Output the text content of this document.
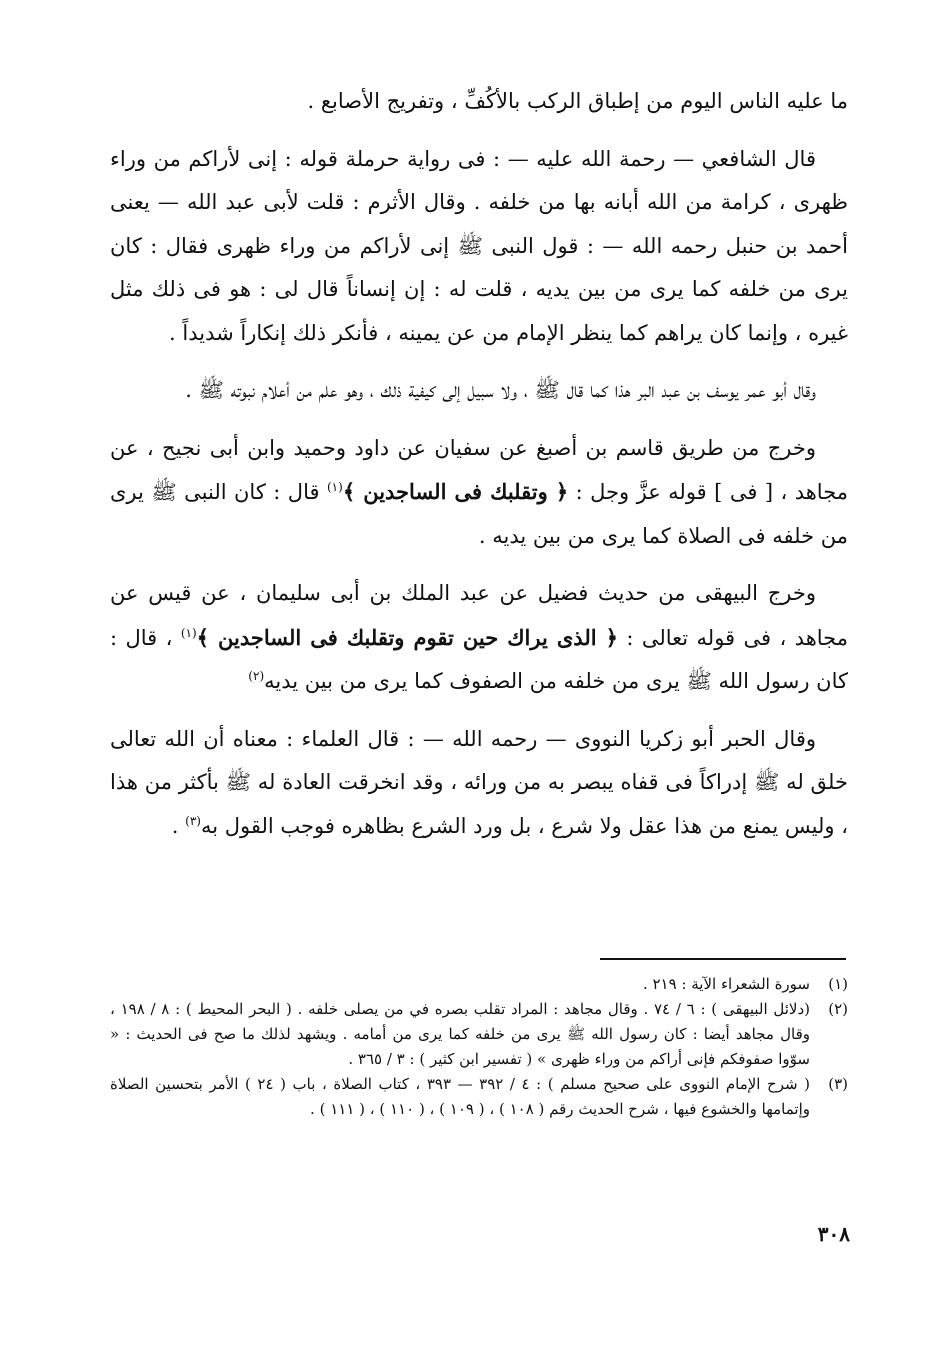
ما عليه الناس اليوم من إطباق الركب بالأكُفِّ ، وتفريج الأصابع .

قال الشافعي — رحمة الله عليه — : فى رواية حرملة قوله : إنى لأراكم من وراء ظهرى ، كرامة من الله أبانه بها من خلفه . وقال الأثرم : قلت لأبى عبد الله — يعنى أحمد بن حنبل رحمه الله — : قول النبى ﷺ إنى لأراكم من وراء ظهرى فقال : كان يرى من خلفه كما يرى من بين يديه ، قلت له : إن إنساناً قال لى : هو فى ذلك مثل غيره ، وإنما كان يراهم كما ينظر الإمام من عن يمينه ، فأنكر ذلك إنكاراً شديداً .

وقال أبو عمر يوسف بن عبد البر هذا كما قال ﷺ ، ولا سبيل إلى كيفية ذلك ، وهو علم من أعلام نبوته ﷺ .

وخرج من طريق قاسم بن أصبغ عن سفيان عن داود وحميد وابن أبى نجيح ، عن مجاهد ، [ فى ] قوله عزَّ وجل : ﴿ وتقلبك فى الساجدين ﴾$^{(١)}$ قال : كان النبى ﷺ يرى من خلفه فى الصلاة كما يرى من بين يديه .

وخرج البيهقى من حديث فضيل عن عبد الملك بن أبى سليمان ، عن قيس عن مجاهد ، فى قوله تعالى : ﴿ الذى يراك حين تقوم وتقلبك فى الساجدين ﴾$^{(١)}$ ، قال : كان رسول الله ﷺ يرى من خلفه من الصفوف كما يرى من بين يديه$^{(٢)}$

وقال الحبر أبو زكريا النووى — رحمه الله — : قال العلماء : معناه أن الله تعالى خلق له ﷺ إدراكاً فى قفاه يبصر به من ورائه ، وقد انخرقت العادة له ﷺ بأكثر من هذا ، وليس يمنع من هذا عقل ولا شرع ، بل ورد الشرع بظاهره فوجب القول به$^{(٣)}$ .

(١)
سورة الشعراء الآية : ٢١٩ .
(٢)
(دلائل البيهقى ) : ٦ / ٧٤ . وقال مجاهد : المراد تقلب بصره في من يصلى خلفه . ( البحر المحيط ) : ٨ / ١٩٨ ، وقال مجاهد أيضا : كان رسول الله ﷺ يرى من خلفه كما يرى من أمامه . ويشهد لذلك ما صح فى الحديث : « سوّوا صفوفكم فإنى أراكم من وراء ظهرى » ( تفسير ابن كثير ) : ٣ / ٣٦٥ .
(٣)
( شرح الإمام النووى على صحيح مسلم ) : ٤ / ٣٩٢ — ٣٩٣ ، كتاب الصلاة ، باب ( ٢٤ ) الأمر بتحسين الصلاة وإتمامها والخشوع فيها ، شرح الحديث رقم ( ١٠٨ ) ، ( ١٠٩ ) ، ( ١١٠ ) ، ( ١١١ ) .
٣٠٨
